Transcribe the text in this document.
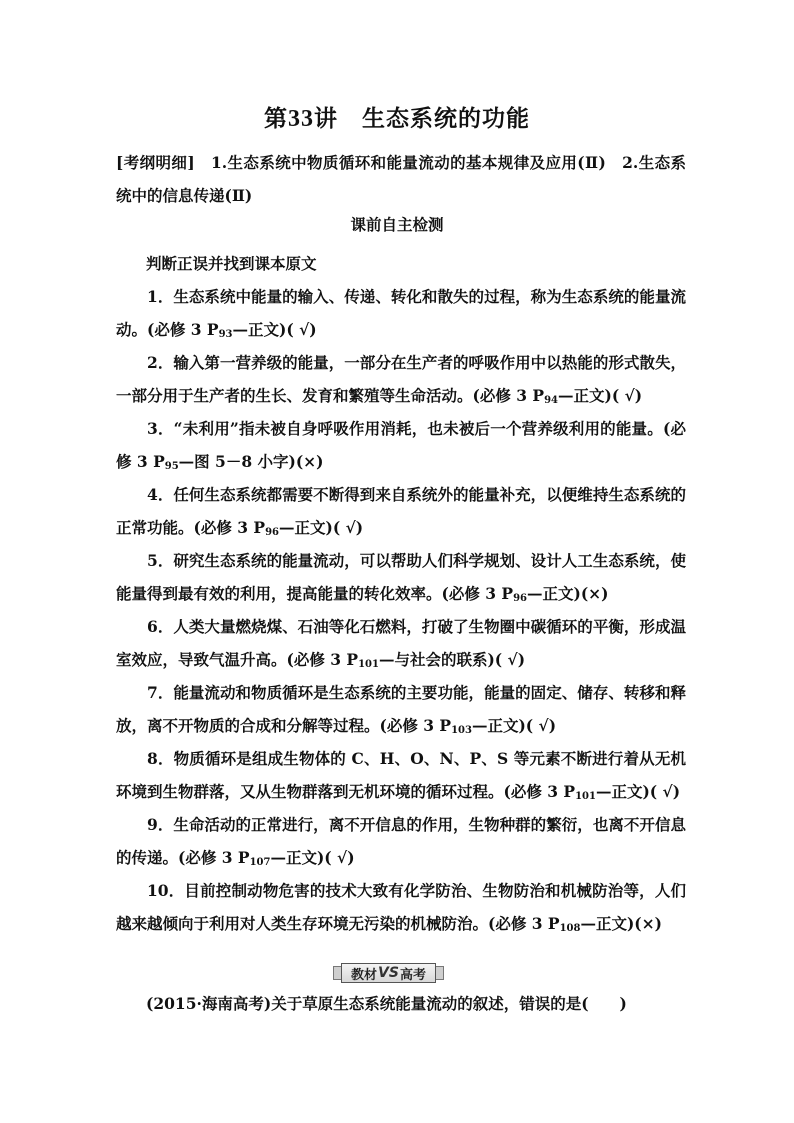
第33讲　生态系统的功能
[考纲明细]　1.生态系统中物质循环和能量流动的基本规律及应用(Ⅱ)　2.生态系统中的信息传递(Ⅱ)
课前自主检测
判断正误并找到课本原文
1．生态系统中能量的输入、传递、转化和散失的过程，称为生态系统的能量流动。(必修 3 $P_{93}—$正文)( √)
2．输入第一营养级的能量，一部分在生产者的呼吸作用中以热能的形式散失，一部分用于生产者的生长、发育和繁殖等生命活动。(必修 3 $P_{94}—$正文)( √)
3．“未利用”指未被自身呼吸作用消耗，也未被后一个营养级利用的能量。(必修 3 $P_{95}—$图 5－8 小字)(×)
4．任何生态系统都需要不断得到来自系统外的能量补充，以便维持生态系统的正常功能。(必修 3 $P_{96}—$正文)( √)
5．研究生态系统的能量流动，可以帮助人们科学规划、设计人工生态系统，使能量得到最有效的利用，提高能量的转化效率。(必修 3 $P_{96}—$正文)(×)
6．人类大量燃烧煤、石油等化石燃料，打破了生物圈中碳循环的平衡，形成温室效应，导致气温升高。(必修 3 $P_{101}—$与社会的联系)( √)
7．能量流动和物质循环是生态系统的主要功能，能量的固定、储存、转移和释放，离不开物质的合成和分解等过程。(必修 3 $P_{103}—$正文)( √)
8．物质循环是组成生物体的 C、H、O、N、P、S 等元素不断进行着从无机环境到生物群落，又从生物群落到无机环境的循环过程。(必修 3 $P_{101}—$正文)( √)
9．生命活动的正常进行，离不开信息的作用，生物种群的繁衍，也离不开信息的传递。(必修 3 $P_{107}—$正文)( √)
10．目前控制动物危害的技术大致有化学防治、生物防治和机械防治等，人们越来越倾向于利用对人类生存环境无污染的机械防治。(必修 3 $P_{108}—$正文)(×)
教材 VS 高考
(2015·海南高考)关于草原生态系统能量流动的叙述，错误的是(　　)
